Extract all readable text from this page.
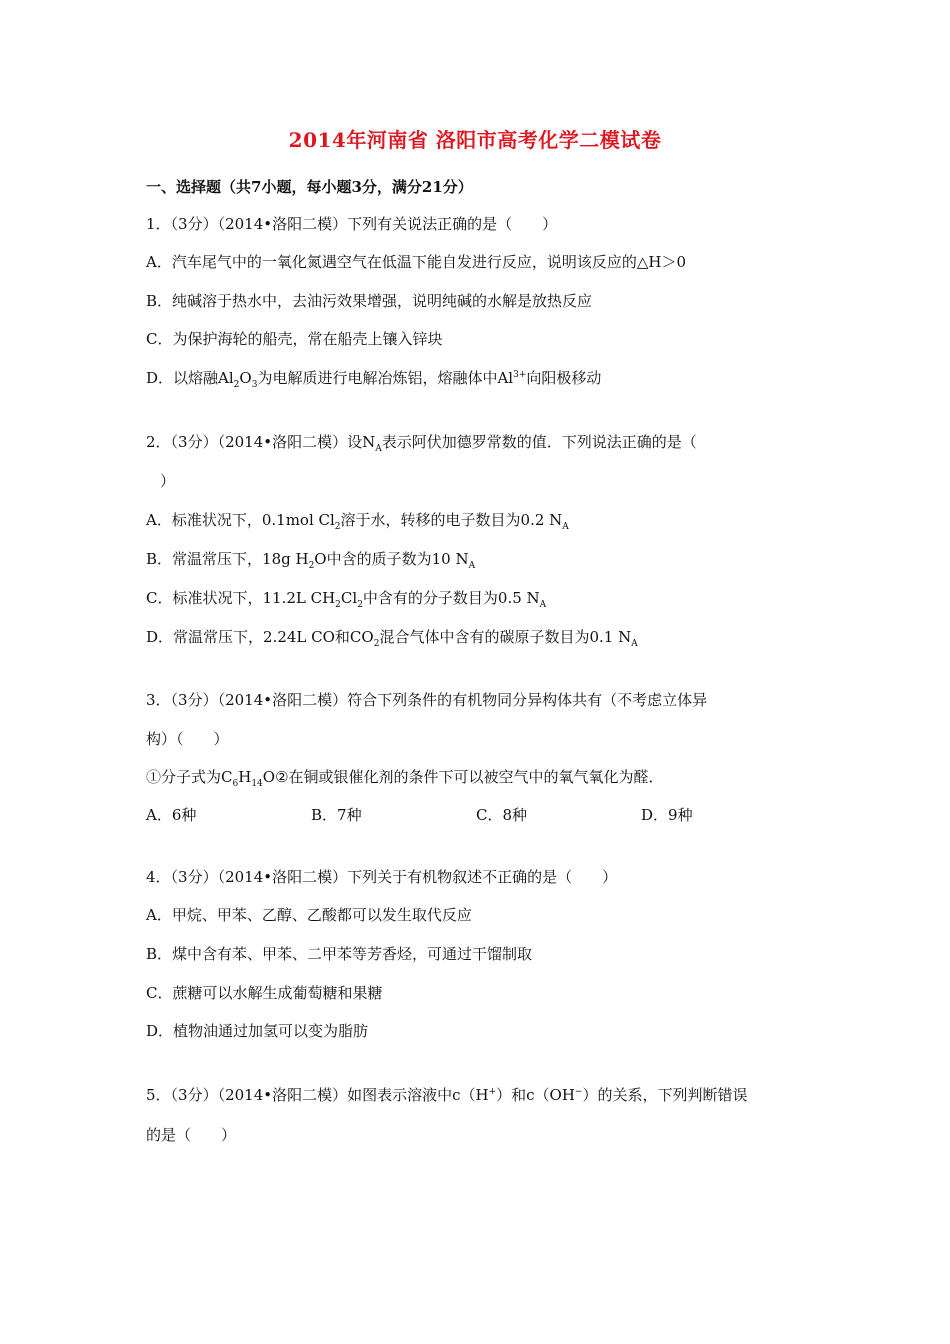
2014年河南省 洛阳市高考化学二模试卷
一、选择题（共7小题，每小题3分，满分21分）
1．（3分）（2014•洛阳二模）下列有关说法正确的是（　　）
A．汽车尾气中的一氧化氮遇空气在低温下能自发进行反应，说明该反应的△H＞0
B．纯碱溶于热水中，去油污效果增强，说明纯碱的水解是放热反应
C．为保护海轮的船壳，常在船壳上镶入锌块
D．以熔融$Al_2O_3$为电解质进行电解冶炼铝，熔融体中$Al^{3+}$向阳极移动
2．（3分）（2014•洛阳二模）设$N_A$表示阿伏加德罗常数的值．下列说法正确的是（
）
A．标准状况下，0.1mol $Cl_2$溶于水，转移的电子数目为0.2 $N_A$
B．常温常压下，18g $H_2O$中含的质子数为10 $N_A$
C．标准状况下，11.2L $CH_2Cl_2$中含有的分子数目为0.5 $N_A$
D．常温常压下，2.24L CO和$CO_2$混合气体中含有的碳原子数目为0.1 $N_A$
3．（3分）（2014•洛阳二模）符合下列条件的有机物同分异构体共有（不考虑立体异
构）（　　）
①分子式为$C_6H_{14}O②$在铜或银催化剂的条件下可以被空气中的氧气氧化为醛．
A．6种	B．7种	C．8种	D．9种
4．（3分）（2014•洛阳二模）下列关于有机物叙述不正确的是（　　）
A．甲烷、甲苯、乙醇、乙酸都可以发生取代反应
B．煤中含有苯、甲苯、二甲苯等芳香烃，可通过干馏制取
C．蔗糖可以水解生成葡萄糖和果糖
D．植物油通过加氢可以变为脂肪
5．（3分）（2014•洛阳二模）如图表示溶液中c（H+）和c（OH−）的关系，下列判断错误
的是（　　）
